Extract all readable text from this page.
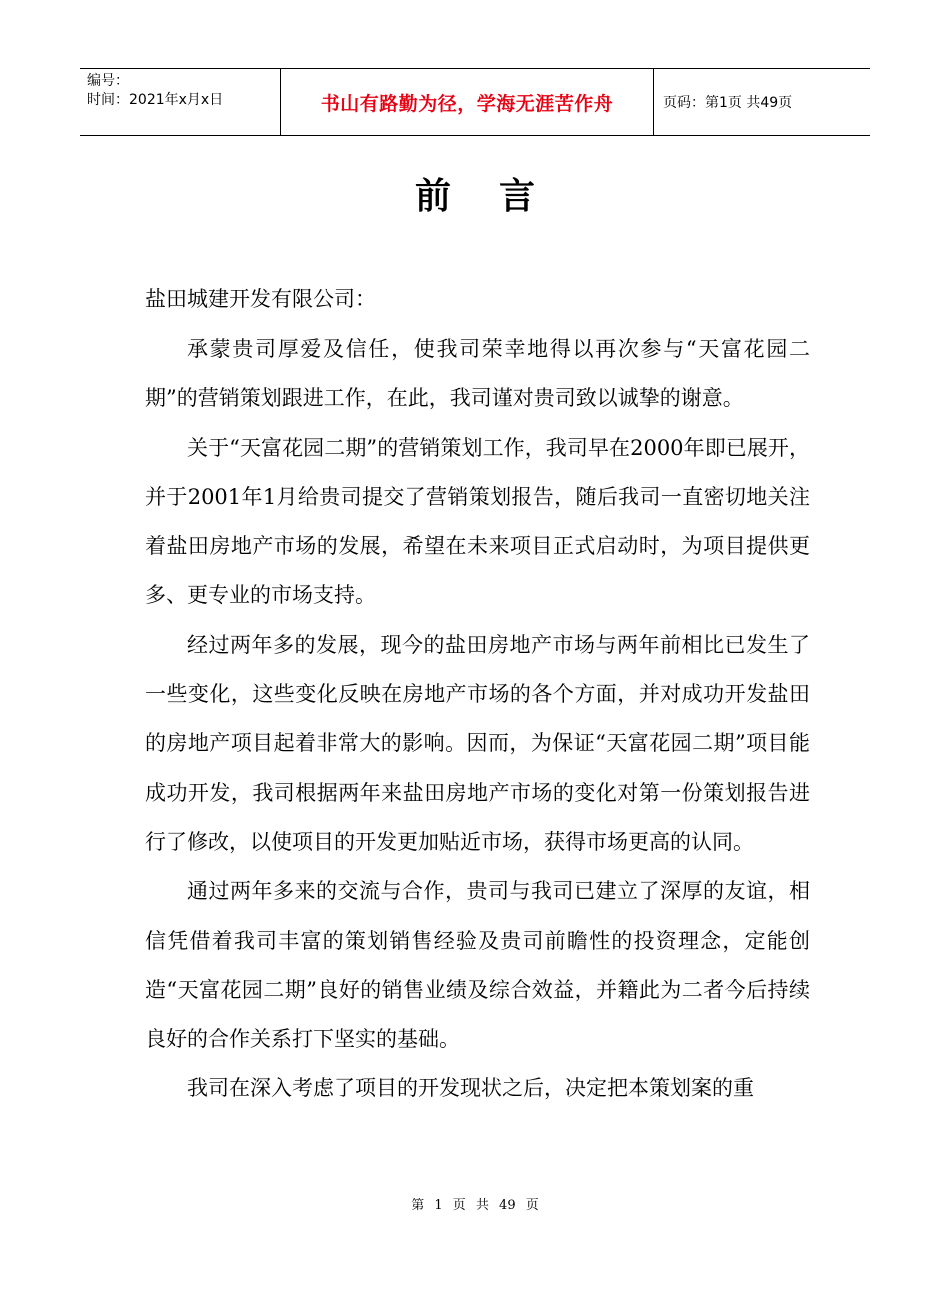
编号：
时间：2021年x月x日	书山有路勤为径，学海无涯苦作舟	页码：第1页 共49页
前言
盐田城建开发有限公司：

承蒙贵司厚爱及信任，使我司荣幸地得以再次参与“天富花园二期”的营销策划跟进工作，在此，我司谨对贵司致以诚挚的谢意。

关于“天富花园二期”的营销策划工作，我司早在2000年即已展开，并于2001年1月给贵司提交了营销策划报告，随后我司一直密切地关注着盐田房地产市场的发展，希望在未来项目正式启动时，为项目提供更多、更专业的市场支持。

经过两年多的发展，现今的盐田房地产市场与两年前相比已发生了一些变化，这些变化反映在房地产市场的各个方面，并对成功开发盐田的房地产项目起着非常大的影响。因而，为保证“天富花园二期”项目能成功开发，我司根据两年来盐田房地产市场的变化对第一份策划报告进行了修改，以使项目的开发更加贴近市场，获得市场更高的认同。

通过两年多来的交流与合作，贵司与我司已建立了深厚的友谊，相信凭借着我司丰富的策划销售经验及贵司前瞻性的投资理念，定能创造“天富花园二期”良好的销售业绩及综合效益，并籍此为二者今后持续良好的合作关系打下坚实的基础。

我司在深入考虑了项目的开发现状之后，决定把本策划案的重

第 1 页 共 49 页
